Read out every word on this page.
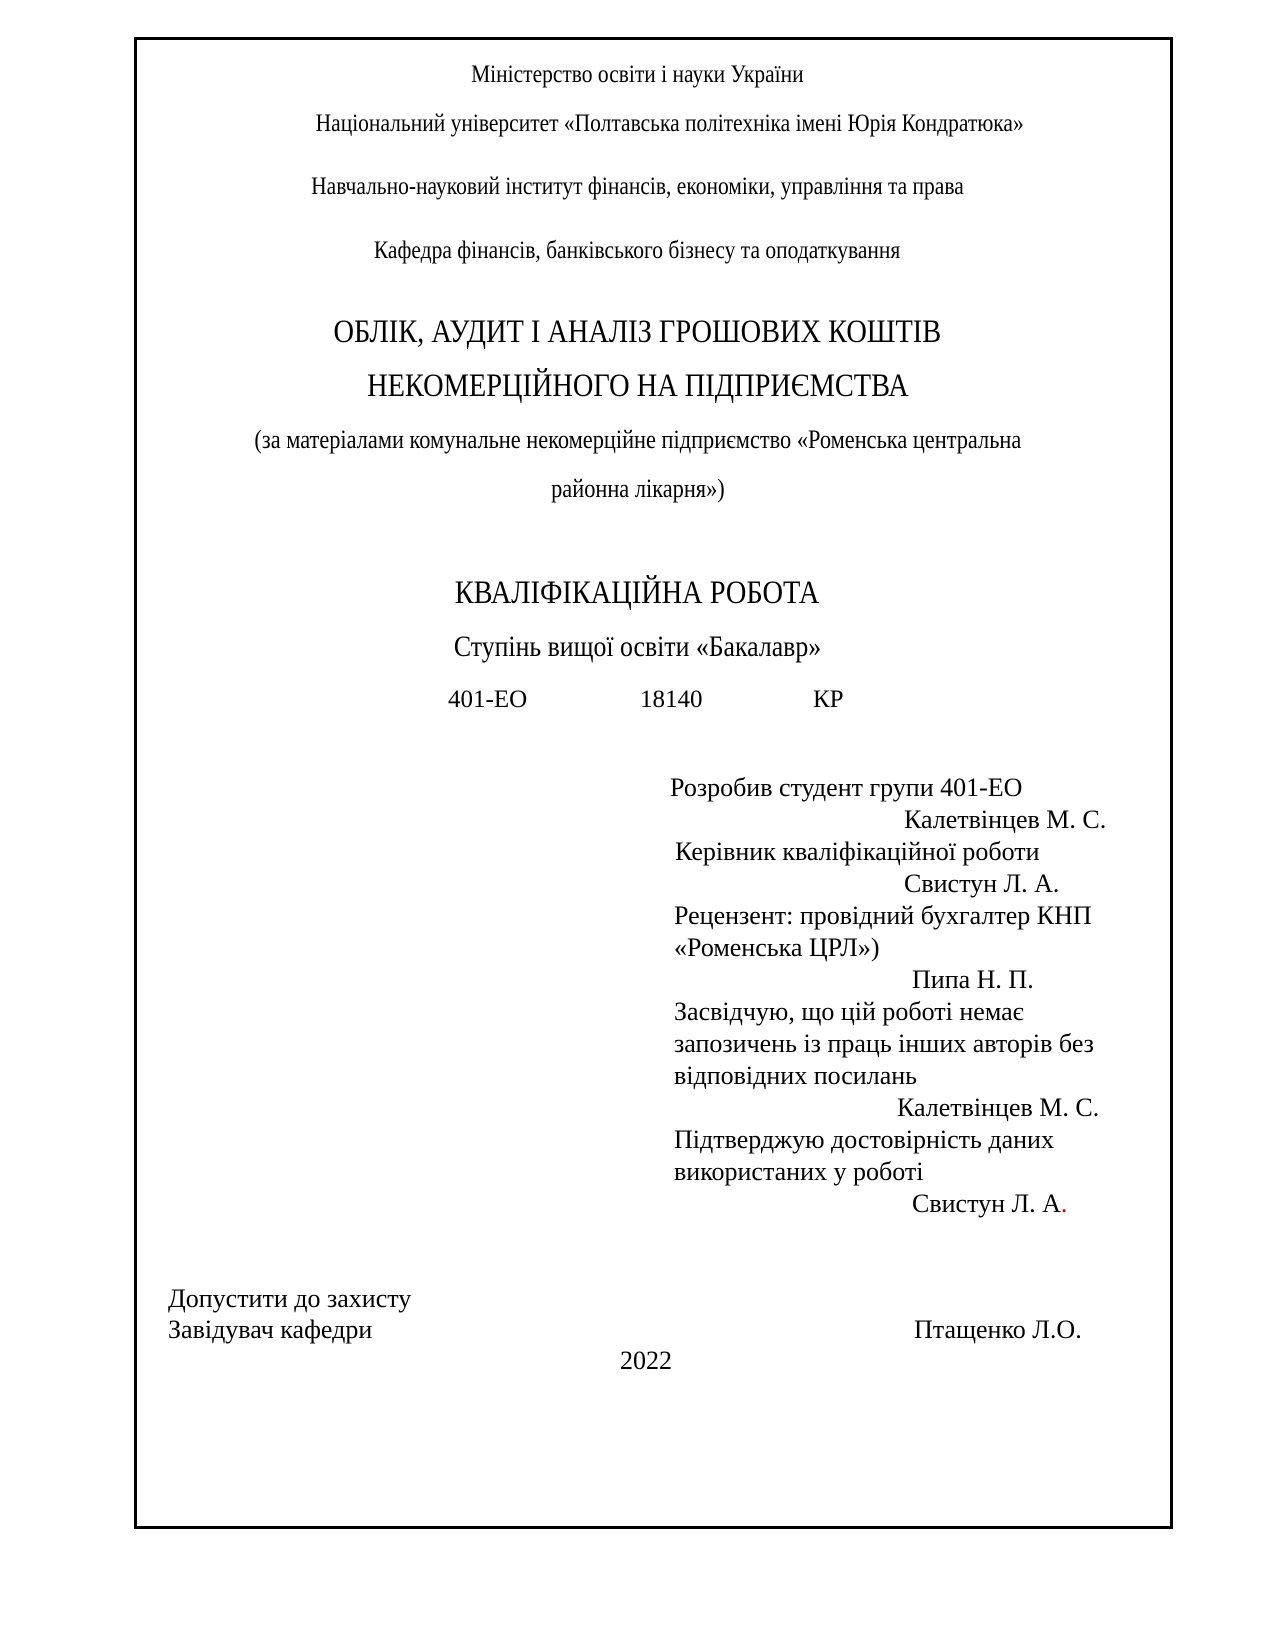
Міністерство освіти і науки України
Національний університет «Полтавська політехніка імені Юрія Кондратюка»
Навчально-науковий інститут фінансів, економіки, управління та права
Кафедра фінансів, банківського бізнесу та оподаткування
ОБЛІК, АУДИТ І АНАЛІЗ ГРОШОВИХ КОШТІВ
НЕКОМЕРЦІЙНОГО НА ПІДПРИЄМСТВА
(за матеріалами комунальне некомерційне підприємство «Роменська центральна
районна лікарня»)
КВАЛІФІКАЦІЙНА РОБОТА
Ступінь вищої освіти «Бакалавр»
401-ЕО	18140	КР
Розробив студент групи 401-ЕО
Калетвінцев М. С.
Керівник кваліфікаційної роботи
Свистун Л. А.
Рецензент: провідний бухгалтер КНП
«Роменська ЦРЛ»)
Пипа Н. П.
Засвідчую, що цій роботі немає
запозичень із праць інших авторів без
відповідних посилань
Калетвінцев М. С.
Підтверджую достовірність даних
використаних у роботі
Свистун Л. А.
Допустити до захисту
Завідувач кафедри	Птащенко Л.О.
2022
